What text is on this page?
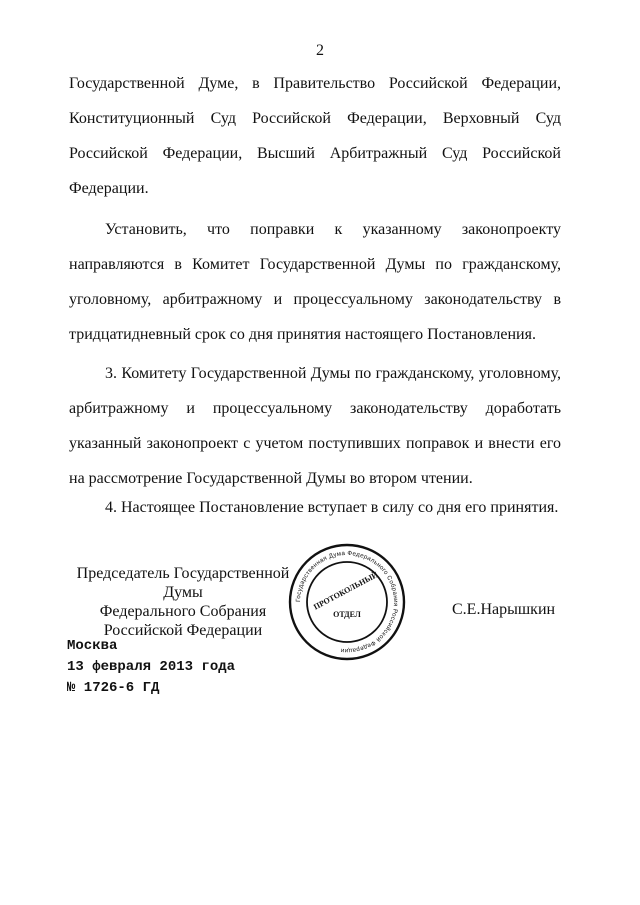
2
Государственной Думе, в Правительство Российской Федерации, Конституционный Суд Российской Федерации, Верховный Суд Российской Федерации, Высший Арбитражный Суд Российской Федерации.
Установить, что поправки к указанному законопроекту направляются в Комитет Государственной Думы по гражданскому, уголовному, арбитражному и процессуальному законодательству в тридцатидневный срок со дня принятия настоящего Постановления.
3. Комитету Государственной Думы по гражданскому, уголовному, арбитражному и процессуальному законодательству доработать указанный законопроект с учетом поступивших поправок и внести его на рассмотрение Государственной Думы во втором чтении.
4. Настоящее Постановление вступает в силу со дня его принятия.
Председатель Государственной Думы
Федерального Собрания
Российской Федерации
Государственная Дума Федерального Собрания Российской Федерации
ПРОТОКОЛЬНЫЙ
ОТДЕЛ	С.Е.Нарышкин
Москва
13 февраля 2013 года
№ 1726-6 ГД
